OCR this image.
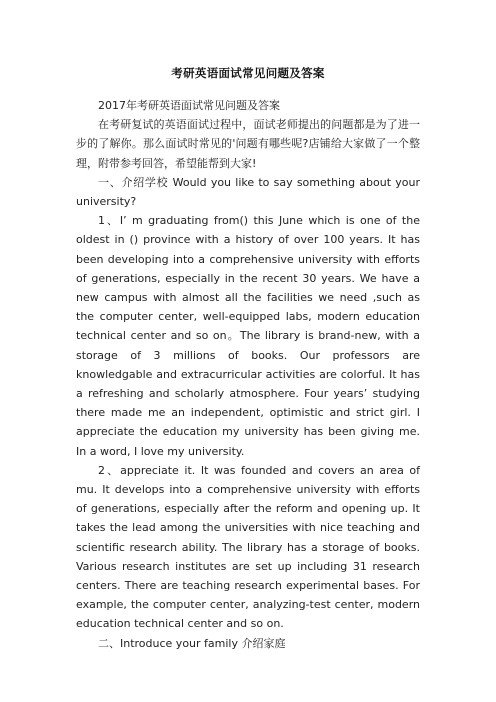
考研英语面试常见问题及答案

2017年考研英语面试常见问题及答案

在考研复试的英语面试过程中，面试老师提出的问题都是为了进一步的了解你。那么面试时常见的'问题有哪些呢?店铺给大家做了一个整理，附带参考回答，希望能帮到大家!

一、介绍学校 Would you like to say something about your university?

1、I’ m graduating from() this June which is one of the oldest in () province with a history of over 100 years. It has been developing into a comprehensive university with efforts of generations, especially in the recent 30 years. We have a new campus with almost all the facilities we need ,such as the computer center, well-equipped labs, modern education technical center and so on。The library is brand-new, with a storage of 3 millions of books. Our professors are knowledgable and extracurricular activities are colorful. It has a refreshing and scholarly atmosphere. Four years’ studying there made me an independent, optimistic and strict girl. I appreciate the education my university has been giving me. In a word, I love my university.

2、appreciate it. It was founded and covers an area of mu. It develops into a comprehensive university with efforts of generations, especially after the reform and opening up. It takes the lead among the universities with nice teaching and scientific research ability. The library has a storage of books. Various research institutes are set up including 31 research centers. There are teaching research experimental bases. For example, the computer center, analyzing-test center, modern education technical center and so on.

二、Introduce your family 介绍家庭
